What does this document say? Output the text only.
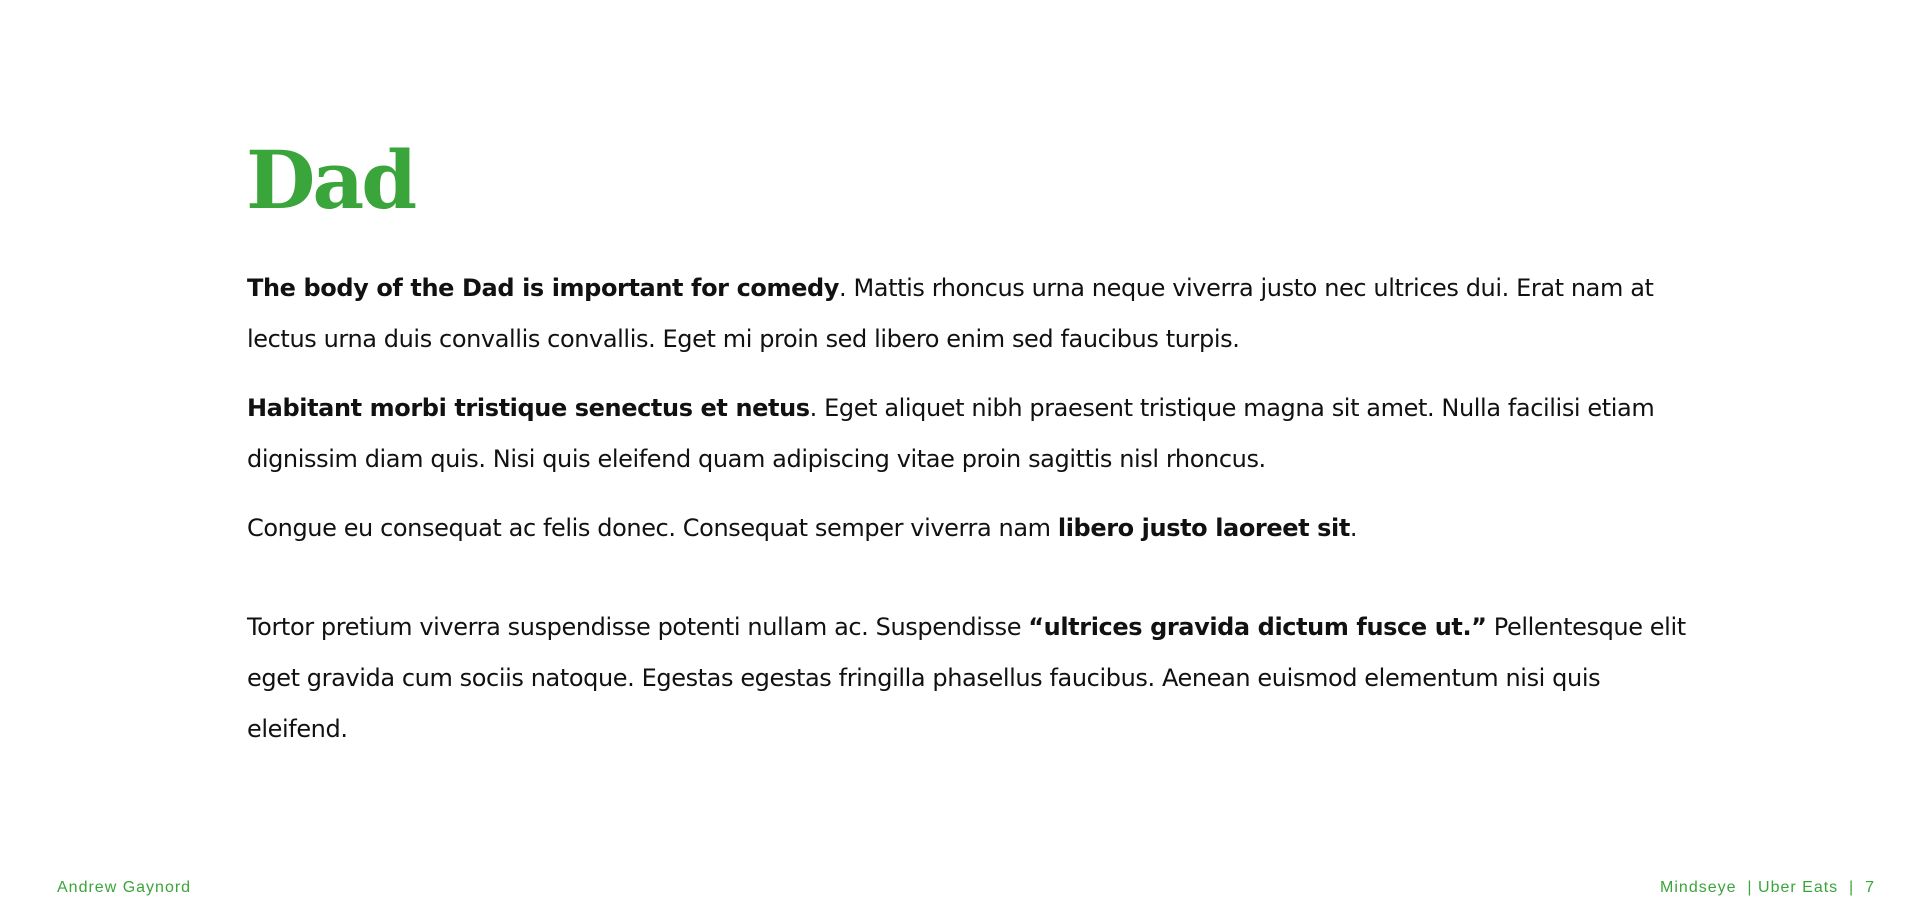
Dad

The body of the Dad is important for comedy. Mattis rhoncus urna neque viverra justo nec ultrices dui. Erat nam at lectus urna duis convallis convallis. Eget mi proin sed libero enim sed faucibus turpis.

Habitant morbi tristique senectus et netus. Eget aliquet nibh praesent tristique magna sit amet. Nulla facilisi etiam dignissim diam quis. Nisi quis eleifend quam adipiscing vitae proin sagittis nisl rhoncus.

Congue eu consequat ac felis donec. Consequat semper viverra nam libero justo laoreet sit.

Tortor pretium viverra suspendisse potenti nullam ac. Suspendisse “ultrices gravida dictum fusce ut.” Pellentesque elit eget gravida cum sociis natoque. Egestas egestas fringilla phasellus faucibus. Aenean euismod elementum nisi quis eleifend.

Andrew Gaynord	Mindseye  | Uber Eats  |  7
